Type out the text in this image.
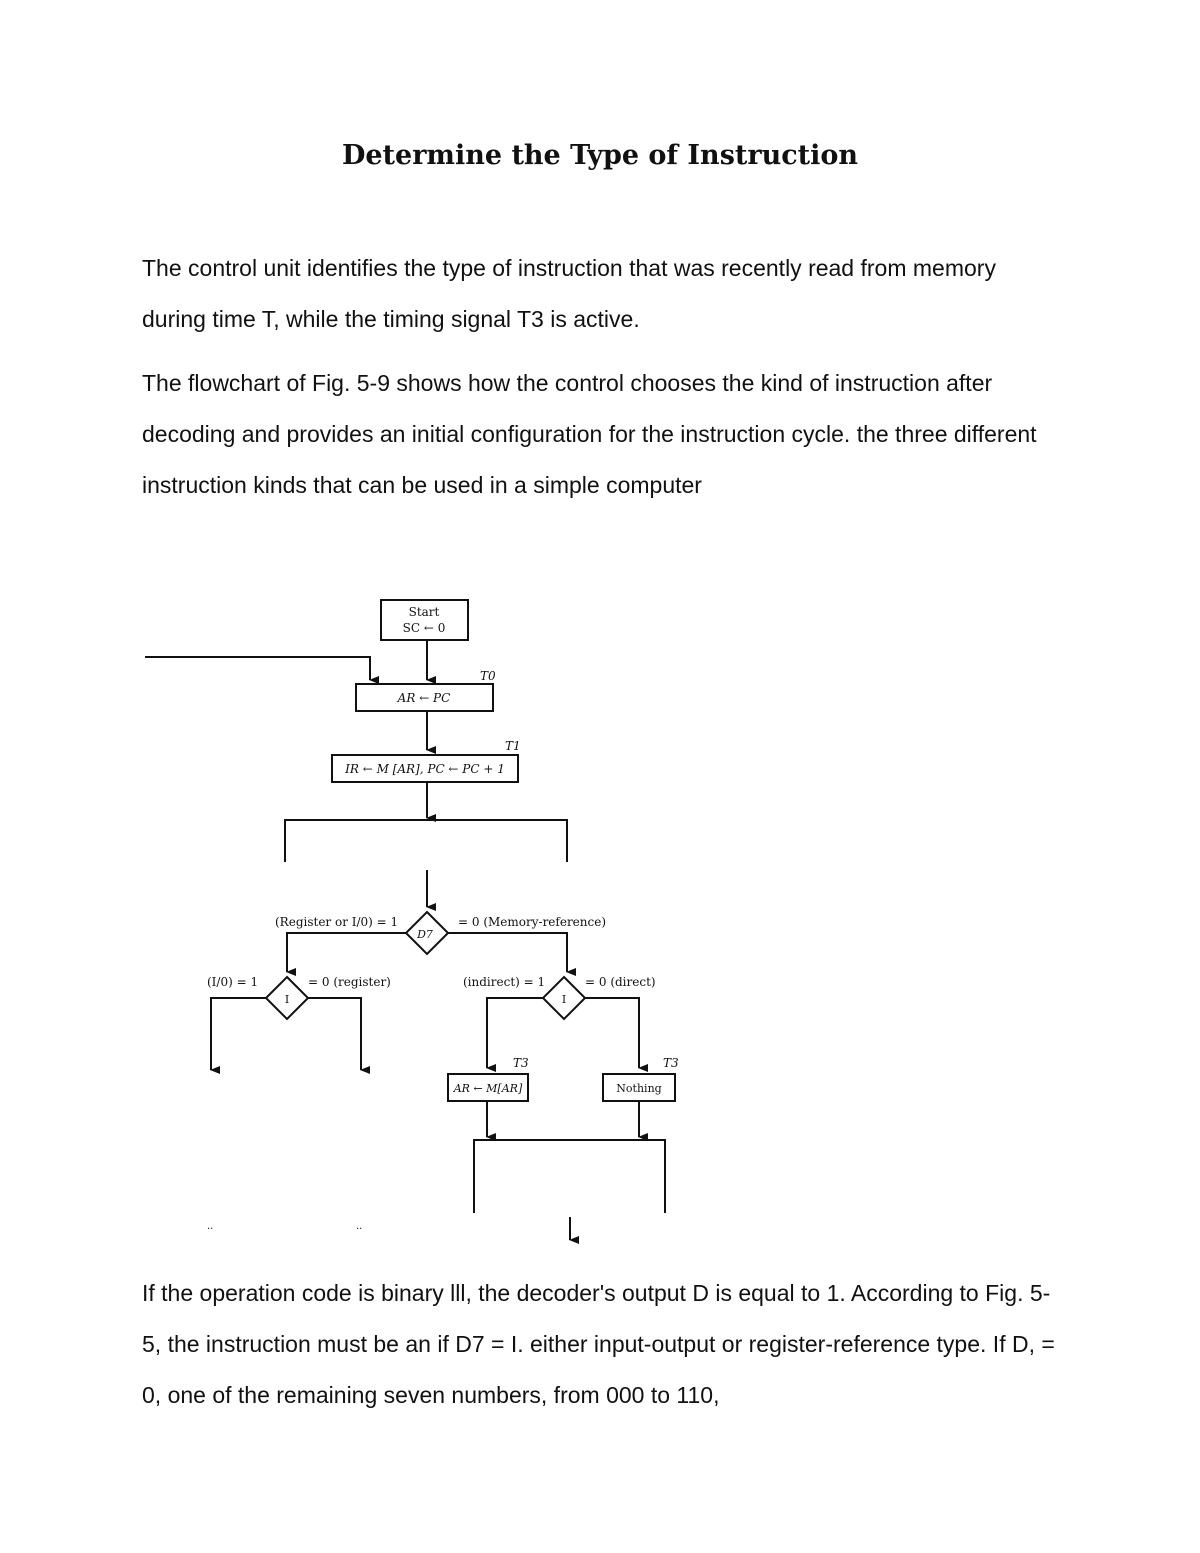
Determine the Type of Instruction

The control unit identifies the type of instruction that was recently read from memory during time T, while the timing signal T3 is active.

The flowchart of Fig. 5-9 shows how the control chooses the kind of instruction after decoding and provides an initial configuration for the instruction cycle. the three different instruction kinds that can be used in a simple computer

Start
SC ← 0
T0
AR ← PC
T1
IR ← M [AR], PC ← PC + 1
(Register or I/0) = 1	= 0 (Memory-reference)
D7
(I/0) = 1	= 0 (register)
I
(indirect) = 1	= 0 (direct)
I
T3	T3
AR ← M[AR]	Nothing
··	··

If the operation code is binary lll, the decoder's output D is equal to 1. According to Fig. 5-5, the instruction must be an if D7 = I. either input-output or register-reference type. If D, = 0, one of the remaining seven numbers, from 000 to 110,
